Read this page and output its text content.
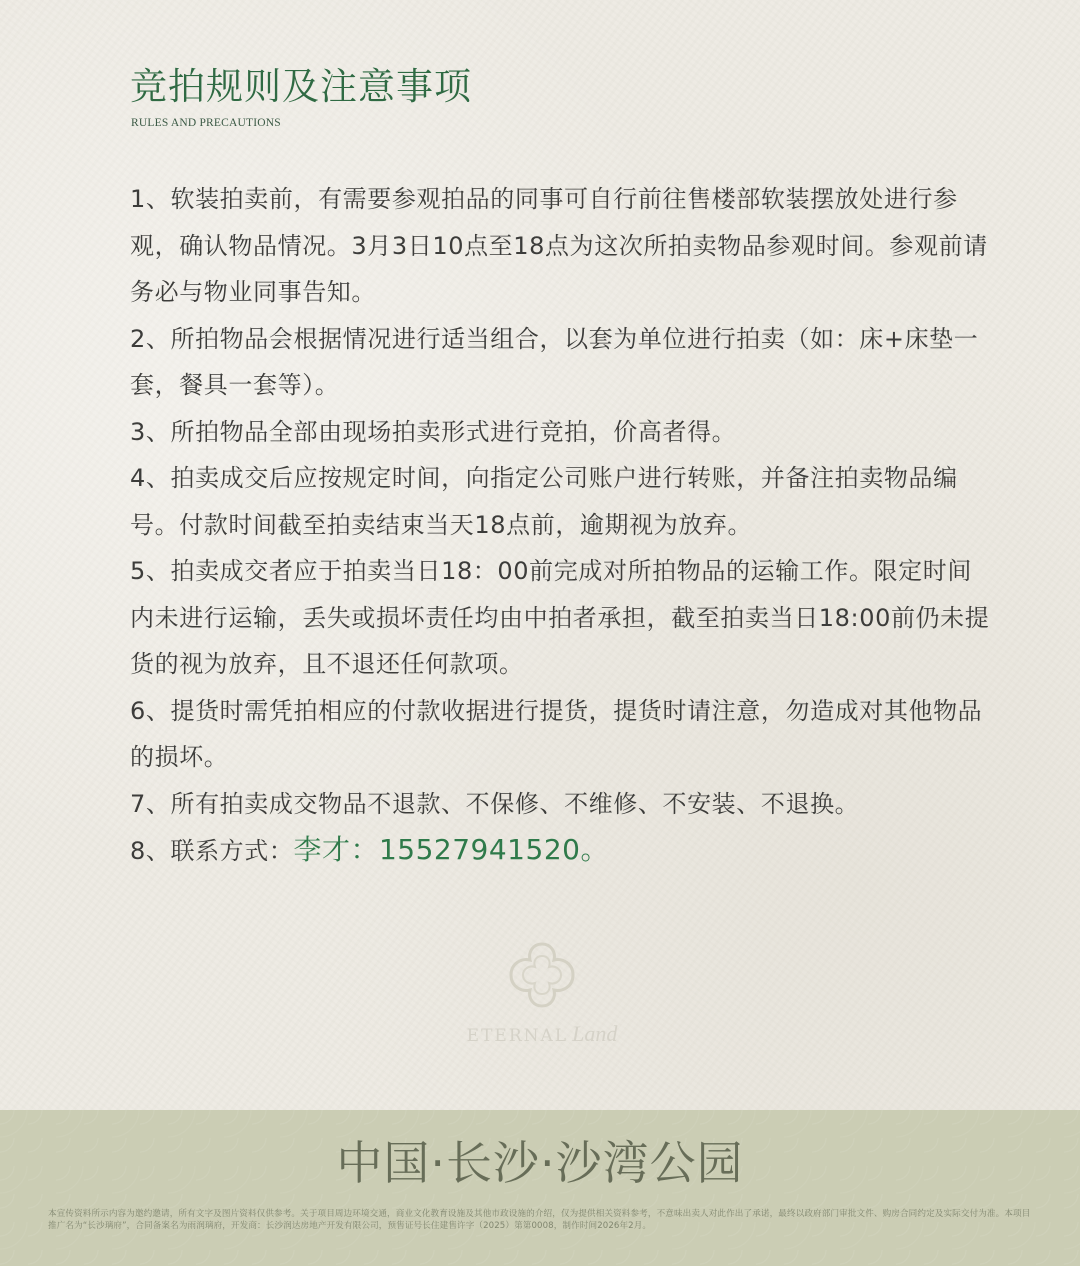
竞拍规则及注意事项
RULES AND PRECAUTIONS
1、软装拍卖前，有需要参观拍品的同事可自行前往售楼部软装摆放处进行参观，确认物品情况。3月3日10点至18点为这次所拍卖物品参观时间。参观前请务必与物业同事告知。
2、所拍物品会根据情况进行适当组合，以套为单位进行拍卖（如：床+床垫一套，餐具一套等）。
3、所拍物品全部由现场拍卖形式进行竞拍，价高者得。
4、拍卖成交后应按规定时间，向指定公司账户进行转账，并备注拍卖物品编号。付款时间截至拍卖结束当天18点前，逾期视为放弃。
5、拍卖成交者应于拍卖当日18：00前完成对所拍物品的运输工作。限定时间内未进行运输，丢失或损坏责任均由中拍者承担，截至拍卖当日18:00前仍未提货的视为放弃，且不退还任何款项。
6、提货时需凭拍相应的付款收据进行提货，提货时请注意，勿造成对其他物品的损坏。
7、所有拍卖成交物品不退款、不保修、不维修、不安装、不退换。
8、联系方式：李才：15527941520。
ETERNAL Land
中国·长沙·沙湾公园
本宣传资料所示内容为邀约邀请，所有文字及图片资料仅供参考。关于项目周边环境交通，商业文化教育设施及其他市政设施的介绍，仅为提供相关资料参考，不意味出卖人对此作出了承诺，最终以政府部门审批文件、购房合同约定及实际交付为准。本项目推广名为“长沙璃府”，合同备案名为雨润璃府，开发商：长沙润达房地产开发有限公司，预售证号长住建售许字（2025）第第0008，制作时间2026年2月。
